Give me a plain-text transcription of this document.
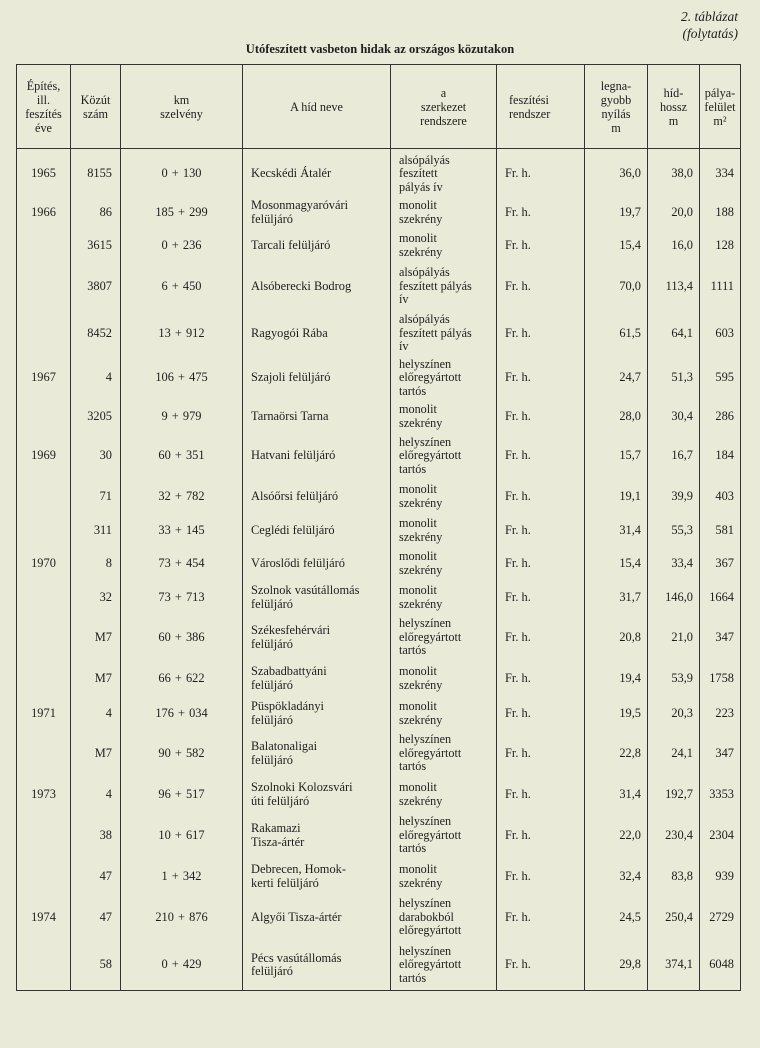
2. táblázat
(folytatás)
Utófeszített vasbeton hidak az országos közutakon
Építés,
ill.
feszítés
éve	Közút
szám	km
szelvény	A híd neve	a
szerkezet
rendszere	feszítési
rendszer	legna-
gyobb
nyílás
m	híd-
hossz
m	pálya-
felület
m²

1965	8155	0 + 130	Kecskédi Átalér	alsópályás
feszített
pályás ív	Fr. h.	36,0	38,0	334
1966	86	185 + 299	Mosonmagyaróvári
felüljáró	monolit
szekrény	Fr. h.	19,7	20,0	188
	3615	0 + 236	Tarcali felüljáró	monolit
szekrény	Fr. h.	15,4	16,0	128
	3807	6 + 450	Alsóberecki Bodrog	alsópályás
feszített pályás
ív	Fr. h.	70,0	113,4	1111
	8452	13 + 912	Ragyogói Rába	alsópályás
feszített pályás
ív	Fr. h.	61,5	64,1	603
1967	4	106 + 475	Szajoli felüljáró	helyszínen
előregyártott
tartós	Fr. h.	24,7	51,3	595
	3205	9 + 979	Tarnaörsi Tarna	monolit
szekrény	Fr. h.	28,0	30,4	286
1969	30	60 + 351	Hatvani felüljáró	helyszínen
előregyártott
tartós	Fr. h.	15,7	16,7	184
	71	32 + 782	Alsóőrsi felüljáró	monolit
szekrény	Fr. h.	19,1	39,9	403
	311	33 + 145	Ceglédi felüljáró	monolit
szekrény	Fr. h.	31,4	55,3	581
1970	8	73 + 454	Városlődi felüljáró	monolit
szekrény	Fr. h.	15,4	33,4	367
	32	73 + 713	Szolnok vasútállomás
felüljáró	monolit
szekrény	Fr. h.	31,7	146,0	1664
	M7	60 + 386	Székesfehérvári
felüljáró	helyszínen
előregyártott
tartós	Fr. h.	20,8	21,0	347
	M7	66 + 622	Szabadbattyáni
felüljáró	monolit
szekrény	Fr. h.	19,4	53,9	1758
1971	4	176 + 034	Püspökladányi
felüljáró	monolit
szekrény	Fr. h.	19,5	20,3	223
	M7	90 + 582	Balatonaligai
felüljáró	helyszínen
előregyártott
tartós	Fr. h.	22,8	24,1	347
1973	4	96 + 517	Szolnoki Kolozsvári
úti felüljáró	monolit
szekrény	Fr. h.	31,4	192,7	3353
	38	10 + 617	Rakamazi
Tisza-ártér	helyszínen
előregyártott
tartós	Fr. h.	22,0	230,4	2304
	47	1 + 342	Debrecen, Homok-
kerti felüljáró	monolit
szekrény	Fr. h.	32,4	83,8	939
1974	47	210 + 876	Algyői Tisza-ártér	helyszínen
darabokból
előregyártott	Fr. h.	24,5	250,4	2729
	58	0 + 429	Pécs vasútállomás
felüljáró	helyszínen
előregyártott
tartós	Fr. h.	29,8	374,1	6048
